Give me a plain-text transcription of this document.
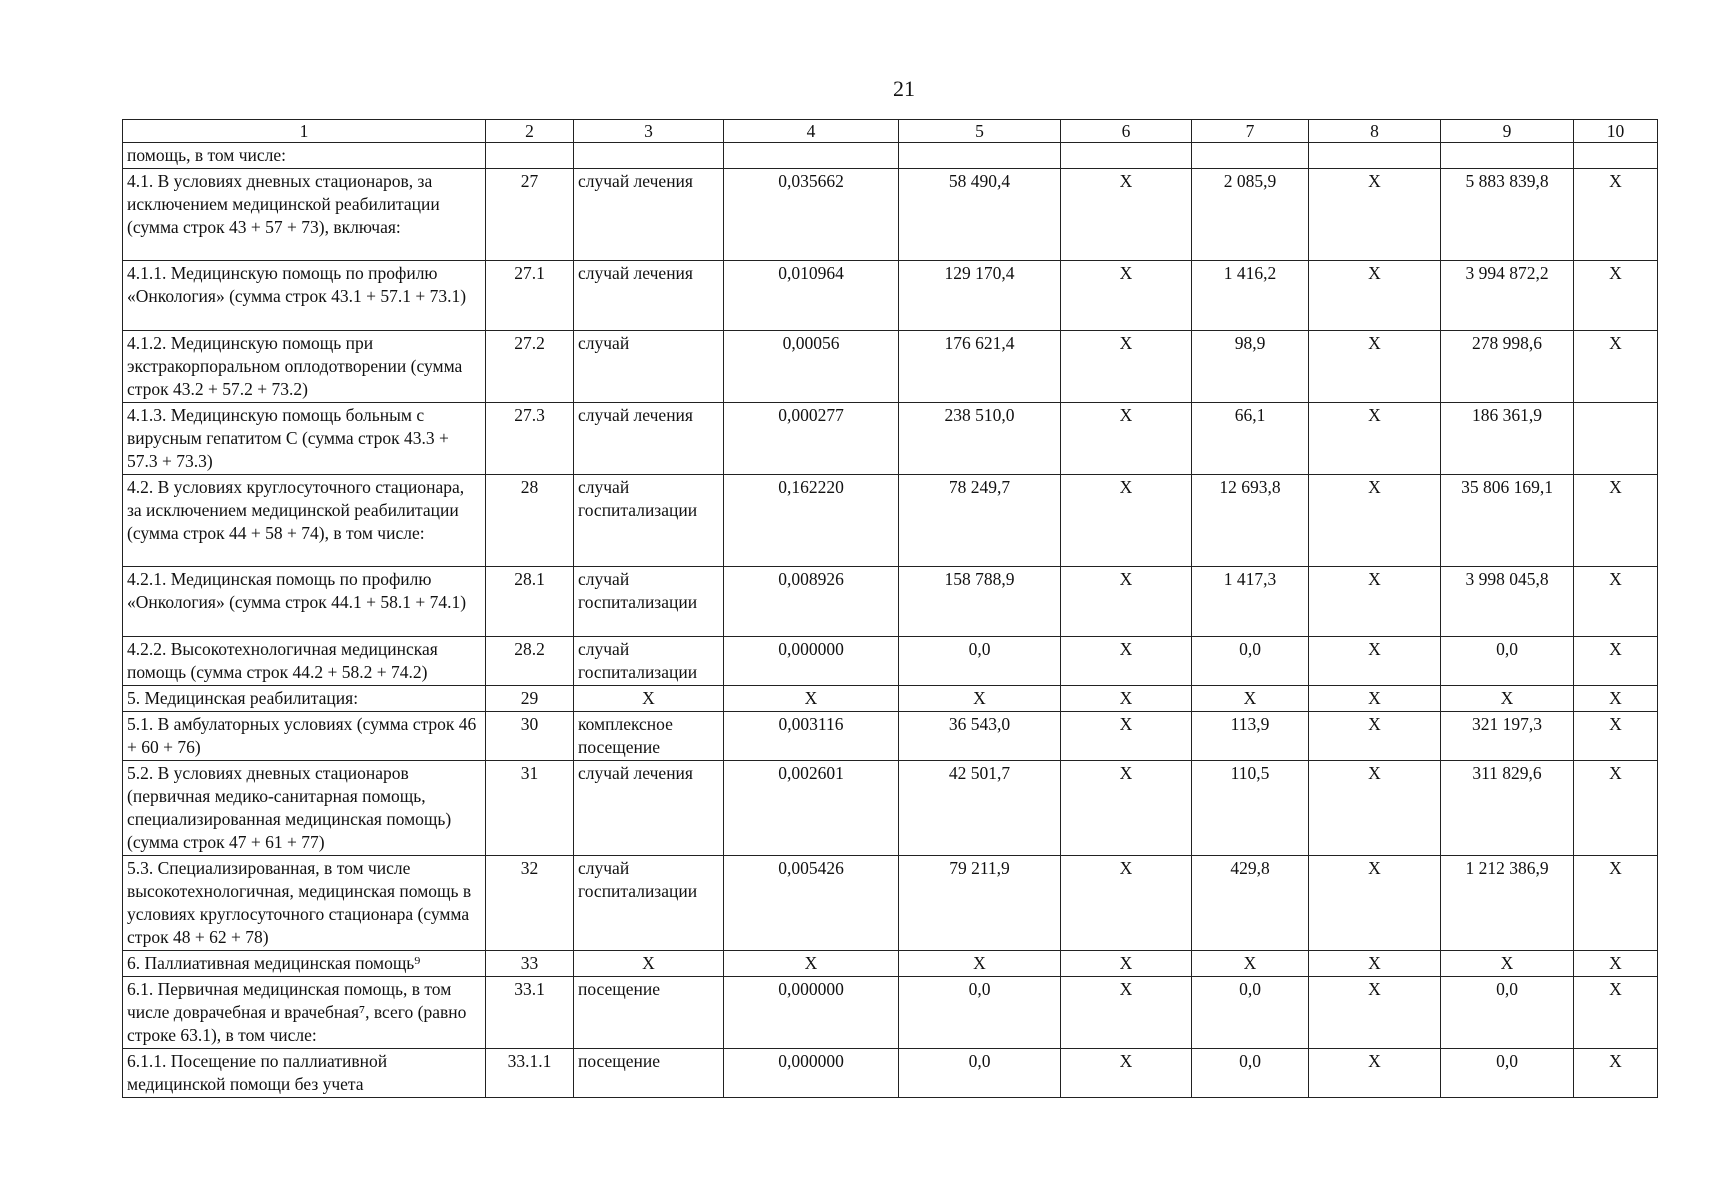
21
1	2	3	4	5	6	7	8	9	10
помощь, в том числе:									
4.1. В условиях дневных стационаров, за исключением медицинской реабилитации (сумма строк 43 + 57 + 73), включая:	27	случай лечения	0,035662	58 490,4	Х	2 085,9	Х	5 883 839,8	Х
4.1.1. Медицинскую помощь по профилю «Онкология» (сумма строк 43.1 + 57.1 + 73.1)	27.1	случай лечения	0,010964	129 170,4	Х	1 416,2	Х	3 994 872,2	Х
4.1.2. Медицинскую помощь при экстракорпоральном оплодотворении (сумма строк 43.2 + 57.2 + 73.2)	27.2	случай	0,00056	176 621,4	Х	98,9	Х	278 998,6	Х
4.1.3. Медицинскую помощь больным с вирусным гепатитом С (сумма строк 43.3 + 57.3 + 73.3)	27.3	случай лечения	0,000277	238 510,0	Х	66,1	Х	186 361,9	
4.2. В условиях круглосуточного стационара, за исключением медицинской реабилитации (сумма строк 44 + 58 + 74), в том числе:	28	случай госпитализации	0,162220	78 249,7	Х	12 693,8	Х	35 806 169,1	Х
4.2.1. Медицинская помощь по профилю «Онкология» (сумма строк 44.1 + 58.1 + 74.1)	28.1	случай госпитализации	0,008926	158 788,9	Х	1 417,3	Х	3 998 045,8	Х
4.2.2. Высокотехнологичная медицинская помощь (сумма строк 44.2 + 58.2 + 74.2)	28.2	случай госпитализации	0,000000	0,0	Х	0,0	Х	0,0	Х
5. Медицинская реабилитация:	29	Х	Х	Х	Х	Х	Х	Х	Х
5.1. В амбулаторных условиях (сумма строк 46 + 60 + 76)	30	комплексное посещение	0,003116	36 543,0	Х	113,9	Х	321 197,3	Х
5.2. В условиях дневных стационаров (первичная медико-санитарная помощь, специализированная медицинская помощь) (сумма строк 47 + 61 + 77)	31	случай лечения	0,002601	42 501,7	Х	110,5	Х	311 829,6	Х
5.3. Специализированная, в том числе высокотехнологичная, медицинская помощь в условиях круглосуточного стационара (сумма строк 48 + 62 + 78)	32	случай госпитализации	0,005426	79 211,9	Х	429,8	Х	1 212 386,9	Х
6. Паллиативная медицинская помощь⁹	33	Х	Х	Х	Х	Х	Х	Х	Х
6.1. Первичная медицинская помощь, в том числе доврачебная и врачебная⁷, всего (равно строке 63.1), в том числе:	33.1	посещение	0,000000	0,0	Х	0,0	Х	0,0	Х
6.1.1. Посещение по паллиативной медицинской помощи без учета	33.1.1	посещение	0,000000	0,0	Х	0,0	Х	0,0	Х
